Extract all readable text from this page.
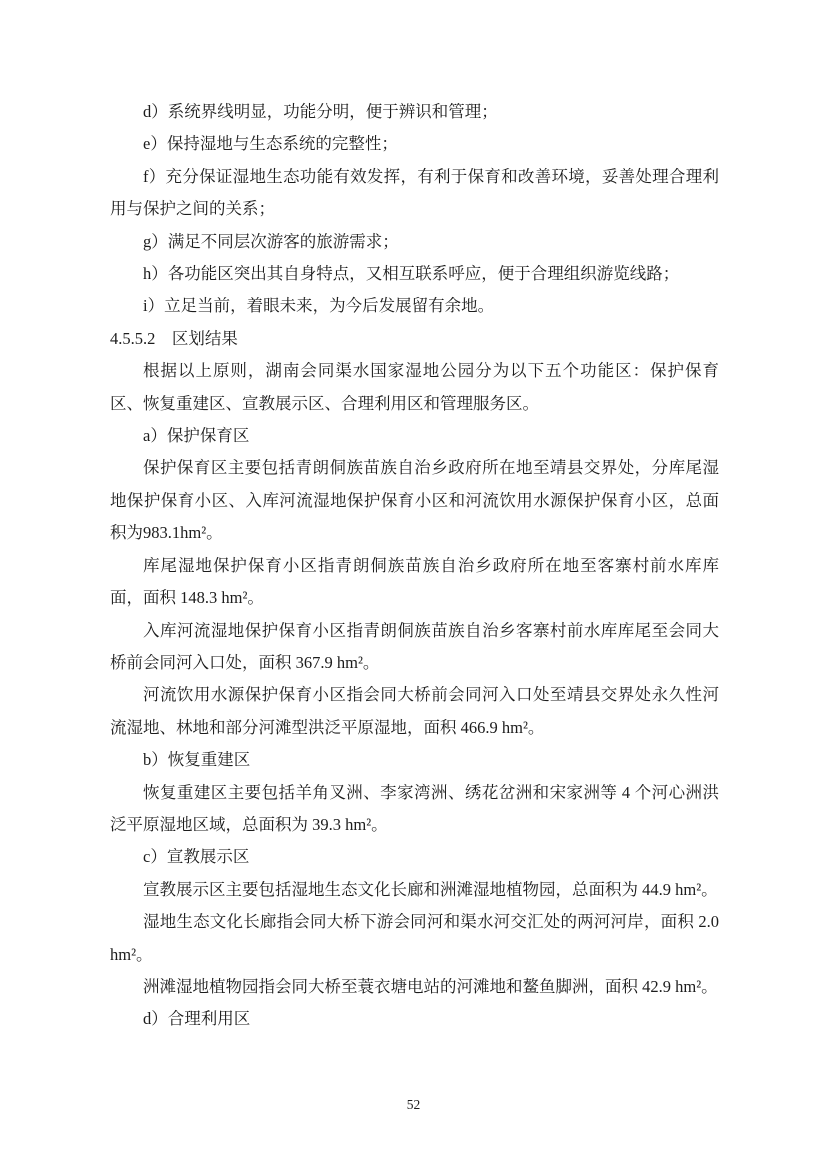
d）系统界线明显，功能分明，便于辨识和管理；

e）保持湿地与生态系统的完整性；

f）充分保证湿地生态功能有效发挥，有利于保育和改善环境，妥善处理合理利用与保护之间的关系；

g）满足不同层次游客的旅游需求；

h）各功能区突出其自身特点，又相互联系呼应，便于合理组织游览线路；

i）立足当前，着眼未来，为今后发展留有余地。

4.5.5.2　区划结果

根据以上原则，湖南会同渠水国家湿地公园分为以下五个功能区：保护保育区、恢复重建区、宣教展示区、合理利用区和管理服务区。

a）保护保育区

保护保育区主要包括青朗侗族苗族自治乡政府所在地至靖县交界处，分库尾湿地保护保育小区、入库河流湿地保护保育小区和河流饮用水源保护保育小区，总面积为983.1hm²。

库尾湿地保护保育小区指青朗侗族苗族自治乡政府所在地至客寨村前水库库面，面积 148.3 hm²。

入库河流湿地保护保育小区指青朗侗族苗族自治乡客寨村前水库库尾至会同大桥前会同河入口处，面积 367.9 hm²。

河流饮用水源保护保育小区指会同大桥前会同河入口处至靖县交界处永久性河流湿地、林地和部分河滩型洪泛平原湿地，面积 466.9 hm²。

b）恢复重建区

恢复重建区主要包括羊角叉洲、李家湾洲、绣花岔洲和宋家洲等 4 个河心洲洪泛平原湿地区域，总面积为 39.3 hm²。

c）宣教展示区

宣教展示区主要包括湿地生态文化长廊和洲滩湿地植物园，总面积为 44.9 hm²。

湿地生态文化长廊指会同大桥下游会同河和渠水河交汇处的两河河岸，面积 2.0 hm²。

洲滩湿地植物园指会同大桥至蓑衣塘电站的河滩地和鳌鱼脚洲，面积 42.9 hm²。

d）合理利用区

52
